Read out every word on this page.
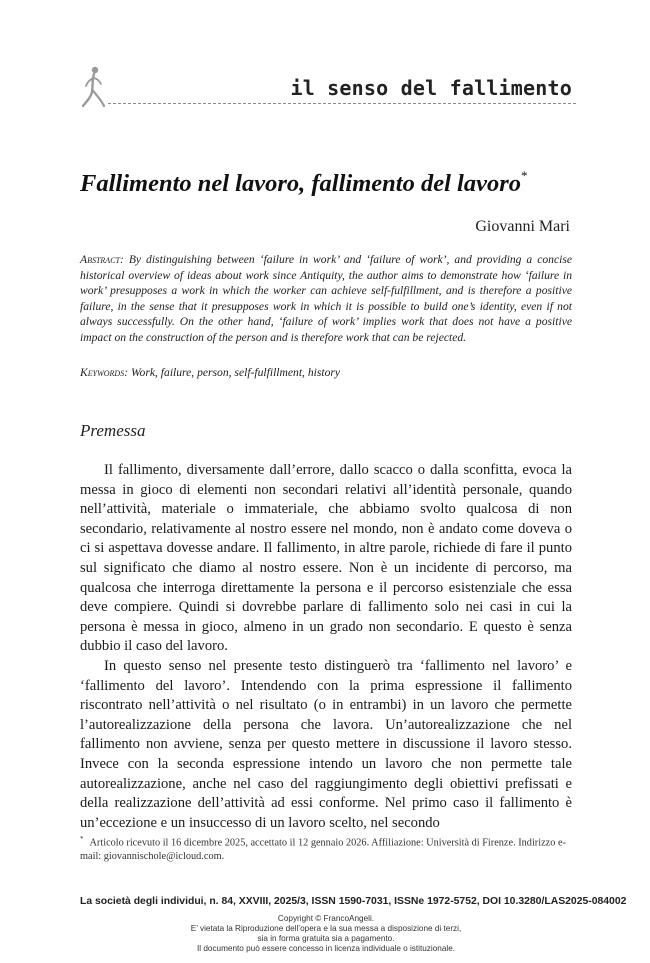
il senso del fallimento
Fallimento nel lavoro, fallimento del lavoro*
Giovanni Mari

Abstract: By distinguishing between ‘failure in work’ and ‘failure of work’, and providing a concise historical overview of ideas about work since Antiquity, the author aims to demonstrate how ‘failure in work’ presupposes a work in which the worker can achieve self-fulfillment, and is therefore a positive failure, in the sense that it presupposes work in which it is possible to build one’s identity, even if not always successfully. On the other hand, ‘failure of work’ implies work that does not have a positive impact on the construction of the person and is therefore work that can be rejected.

Keywords: Work, failure, person, self-fulfillment, history

Premessa

Il fallimento, diversamente dall’errore, dallo scacco o dalla sconfitta, evoca la messa in gioco di elementi non secondari relativi all’identità personale, quando nell’attività, materiale o immateriale, che abbiamo svolto qualcosa di non secondario, relativamente al nostro essere nel mondo, non è andato come doveva o ci si aspettava dovesse andare. Il fallimento, in altre parole, richiede di fare il punto sul significato che diamo al nostro essere. Non è un incidente di percorso, ma qualcosa che interroga direttamente la persona e il percorso esistenziale che essa deve compiere. Quindi si dovrebbe parlare di fallimento solo nei casi in cui la persona è messa in gioco, almeno in un grado non secondario. E questo è senza dubbio il caso del lavoro.

In questo senso nel presente testo distinguerò tra ‘fallimento nel lavoro’ e ‘fallimento del lavoro’. Intendendo con la prima espressione il fallimento riscontrato nell’attività o nel risultato (o in entrambi) in un lavoro che permette l’autorealizzazione della persona che lavora. Un’autorealizzazione che nel fallimento non avviene, senza per questo mettere in discussione il lavoro stesso. Invece con la seconda espressione intendo un lavoro che non permette tale autorealizzazione, anche nel caso del raggiungimento degli obiettivi prefissati e della realizzazione dell’attività ad essi conforme. Nel primo caso il fallimento è un’eccezione e un insuccesso di un lavoro scelto, nel secondo

* Articolo ricevuto il 16 dicembre 2025, accettato il 12 gennaio 2026. Affiliazione: Università di Firenze. Indirizzo e-mail: giovannischole@icloud.com.

La società degli individui, n. 84, XXVIII, 2025/3, ISSN 1590-7031, ISSNe 1972-5752, DOI 10.3280/LAS2025-084002
Copyright © FrancoAngeli.
E’ vietata la Riproduzione dell’opera e la sua messa a disposizione di terzi,
sia in forma gratuita sia a pagamento.
Il documento può essere concesso in licenza individuale o istituzionale.
